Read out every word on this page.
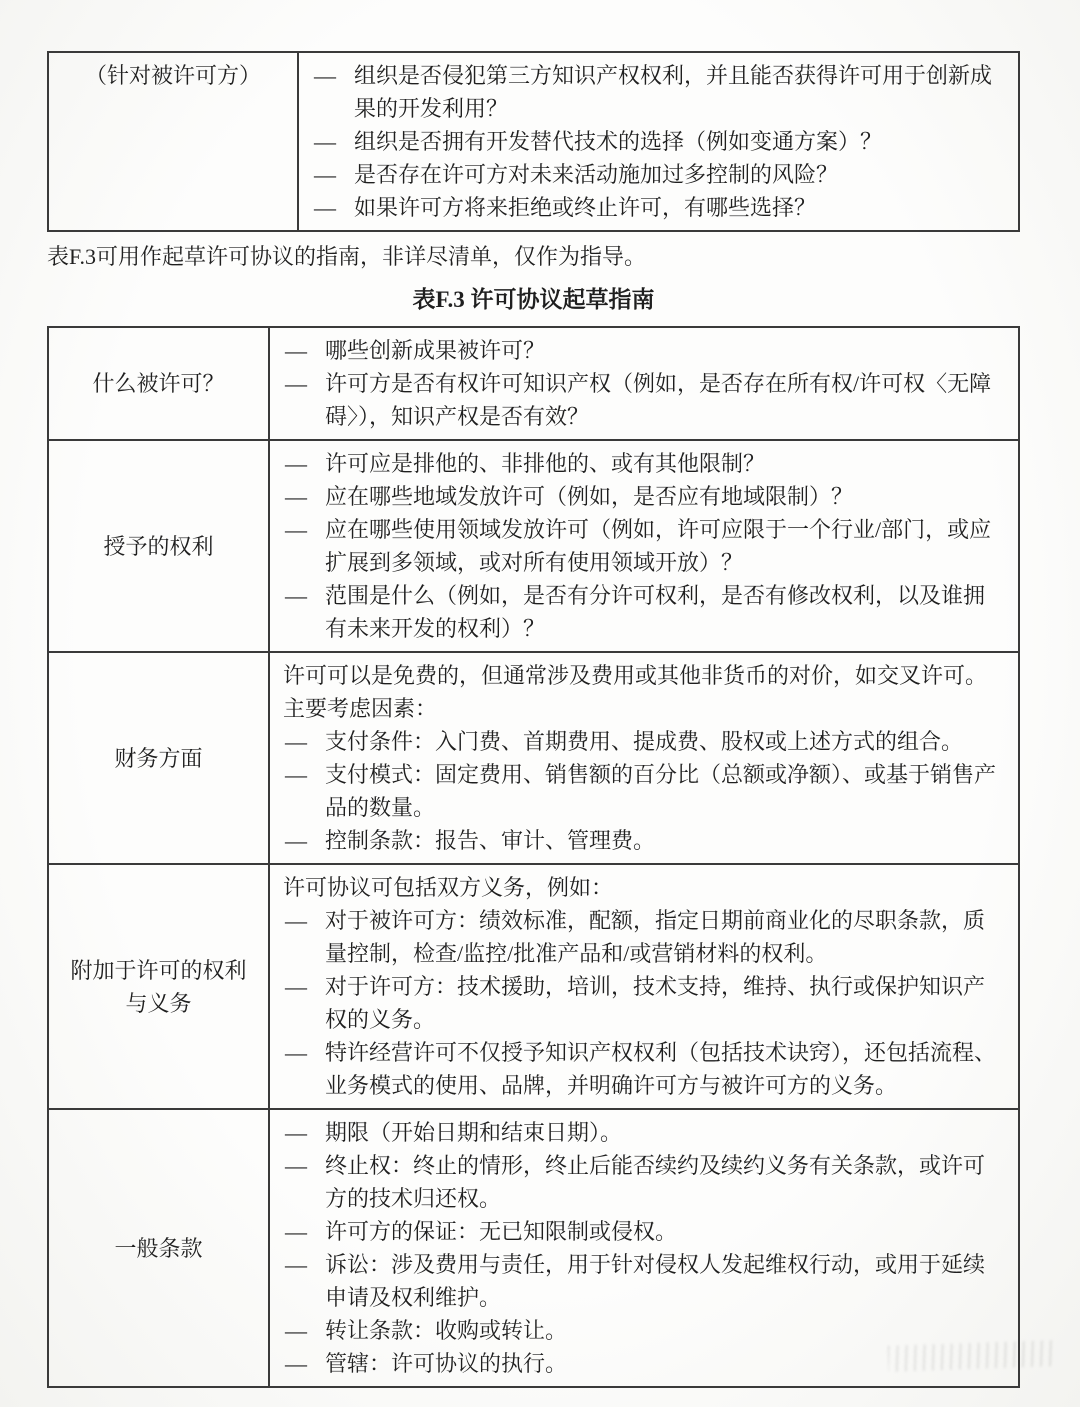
（针对被许可方）	— 组织是否侵犯第三方知识产权权利，并且能否获得许可用于创新成果的开发利用？
— 组织是否拥有开发替代技术的选择（例如变通方案）？
— 是否存在许可方对未来活动施加过多控制的风险？
— 如果许可方将来拒绝或终止许可，有哪些选择？

表F.3可用作起草许可协议的指南，非详尽清单，仅作为指导。

表F.3 许可协议起草指南
什么被许可？
— 哪些创新成果被许可？
— 许可方是否有权许可知识产权（例如，是否存在所有权/许可权〈无障碍〉），知识产权是否有效？
授予的权利
— 许可应是排他的、非排他的、或有其他限制？
— 应在哪些地域发放许可（例如，是否应有地域限制）？
— 应在哪些使用领域发放许可（例如，许可应限于一个行业/部门，或应扩展到多领域，或对所有使用领域开放）？
— 范围是什么（例如，是否有分许可权利，是否有修改权利，以及谁拥有未来开发的权利）？
财务方面
许可可以是免费的，但通常涉及费用或其他非货币的对价，如交叉许可。
主要考虑因素：
— 支付条件：入门费、首期费用、提成费、股权或上述方式的组合。
— 支付模式：固定费用、销售额的百分比（总额或净额）、或基于销售产品的数量。
— 控制条款：报告、审计、管理费。
附加于许可的权利与义务
许可协议可包括双方义务，例如：
— 对于被许可方：绩效标准，配额，指定日期前商业化的尽职条款，质量控制，检查/监控/批准产品和/或营销材料的权利。
— 对于许可方：技术援助，培训，技术支持，维持、执行或保护知识产权的义务。
— 特许经营许可不仅授予知识产权权利（包括技术诀窍），还包括流程、业务模式的使用、品牌，并明确许可方与被许可方的义务。
一般条款
— 期限（开始日期和结束日期）。
— 终止权：终止的情形，终止后能否续约及续约义务有关条款，或许可方的技术归还权。
— 许可方的保证：无已知限制或侵权。
— 诉讼：涉及费用与责任，用于针对侵权人发起维权行动，或用于延续申请及权利维护。
— 转让条款：收购或转让。
— 管辖：许可协议的执行。
